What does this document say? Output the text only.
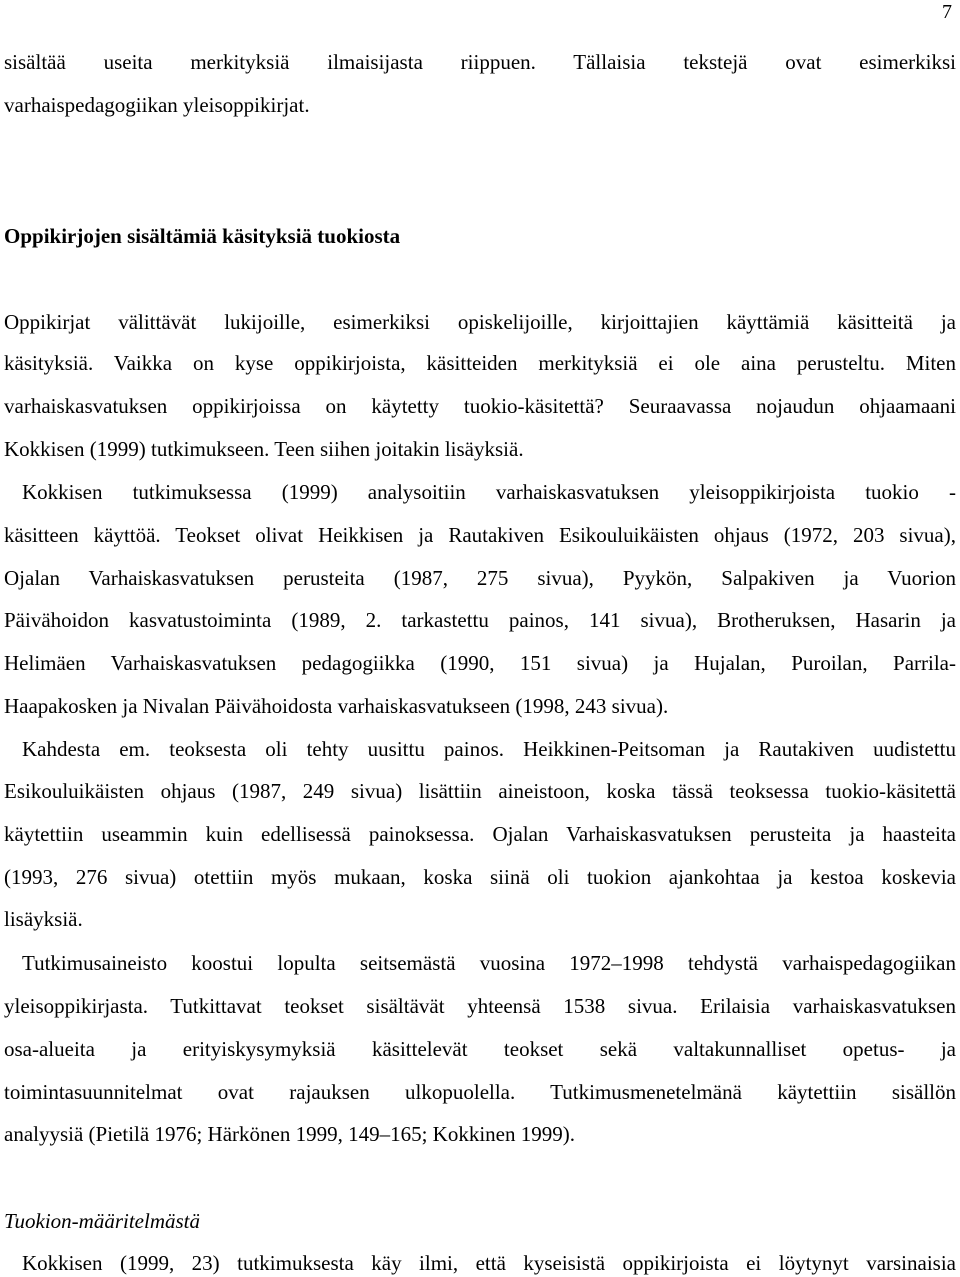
7
sisältää useita merkityksiä ilmaisijasta riippuen. Tällaisia tekstejä ovat esimerkiksi
varhaispedagogiikan yleisoppikirjat.
Oppikirjojen sisältämiä käsityksiä tuokiosta
Oppikirjat välittävät lukijoille, esimerkiksi opiskelijoille, kirjoittajien käyttämiä käsitteitä ja
käsityksiä. Vaikka on kyse oppikirjoista, käsitteiden merkityksiä ei ole aina perusteltu. Miten
varhaiskasvatuksen oppikirjoissa on käytetty tuokio-käsitettä? Seuraavassa nojaudun ohjaamaani
Kokkisen (1999) tutkimukseen. Teen siihen joitakin lisäyksiä.
Kokkisen tutkimuksessa (1999) analysoitiin varhaiskasvatuksen yleisoppikirjoista tuokio -
käsitteen käyttöä. Teokset olivat Heikkisen ja Rautakiven Esikouluikäisten ohjaus (1972, 203 sivua),
Ojalan Varhaiskasvatuksen perusteita (1987, 275 sivua), Pyykön, Salpakiven ja Vuorion
Päivähoidon kasvatustoiminta (1989, 2. tarkastettu painos, 141 sivua), Brotheruksen, Hasarin ja
Helimäen Varhaiskasvatuksen pedagogiikka (1990, 151 sivua) ja Hujalan, Puroilan, Parrila-
Haapakosken ja Nivalan Päivähoidosta varhaiskasvatukseen (1998, 243 sivua).
Kahdesta em. teoksesta oli tehty uusittu painos. Heikkinen-Peitsoman ja Rautakiven uudistettu
Esikouluikäisten ohjaus (1987, 249 sivua) lisättiin aineistoon, koska tässä teoksessa tuokio-käsitettä
käytettiin useammin kuin edellisessä painoksessa. Ojalan Varhaiskasvatuksen perusteita ja haasteita
(1993, 276 sivua) otettiin myös mukaan, koska siinä oli tuokion ajankohtaa ja kestoa koskevia
lisäyksiä.
Tutkimusaineisto koostui lopulta seitsemästä vuosina 1972–1998 tehdystä varhaispedagogiikan
yleisoppikirjasta. Tutkittavat teokset sisältävät yhteensä 1538 sivua. Erilaisia varhaiskasvatuksen
osa-alueita ja erityiskysymyksiä käsittelevät teokset sekä valtakunnalliset opetus- ja
toimintasuunnitelmat ovat rajauksen ulkopuolella. Tutkimusmenetelmänä käytettiin sisällön
analyysiä (Pietilä 1976; Härkönen 1999, 149–165; Kokkinen 1999).
Tuokion-määritelmästä
Kokkisen (1999, 23) tutkimuksesta käy ilmi, että kyseisistä oppikirjoista ei löytynyt varsinaisia
